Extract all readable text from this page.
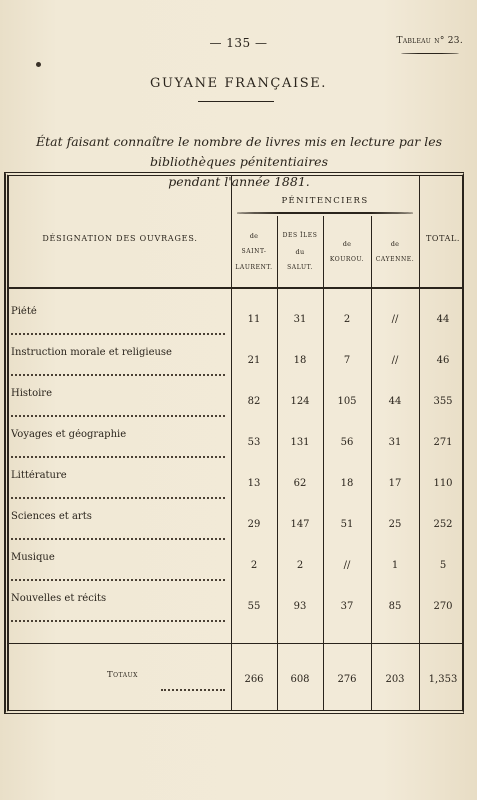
— 135 —	Tableau n° 23.
GUYANE FRANÇAISE.
État faisant connaître le nombre de livres mis en lecture par les bibliothèques pénitentiaires
pendant l'année 1881.
PÉNITENCIERS
DÉSIGNATION DES OUVRAGES.	TOTAL.
de
SAINT-
LAURENT.
DES ÎLES
du
SALUT.
de
KOUROU.
de
CAYENNE.
Piété
11	31	2	//	44
Instruction morale et religieuse
21	18	7	//	46
Histoire
82	124	105	44	355
Voyages et géographie
53	131	56	31	271
Littérature
13	62	18	17	110
Sciences et arts
29	147	51	25	252
Musique
2	2	//	1	5
Nouvelles et récits
55	93	37	85	270
Totaux	266	608	276	203	1,353
